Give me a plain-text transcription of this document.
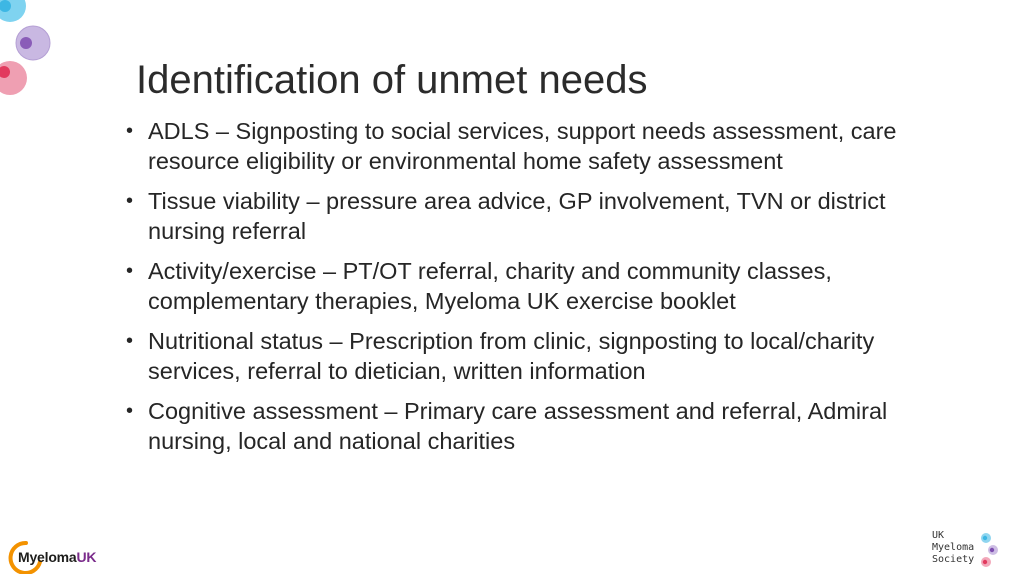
Identification of unmet needs
• ADLS – Signposting to social services, support needs assessment, care resource eligibility or environmental home safety assessment
• Tissue viability – pressure area advice, GP involvement, TVN or district nursing referral
• Activity/exercise – PT/OT referral, charity and community classes, complementary therapies, Myeloma UK exercise booklet
• Nutritional status – Prescription from clinic, signposting to local/charity services, referral to dietician, written information
• Cognitive assessment – Primary care assessment and referral, Admiral nursing, local and national charities
MyelomaUK
UK
Myeloma
Society
